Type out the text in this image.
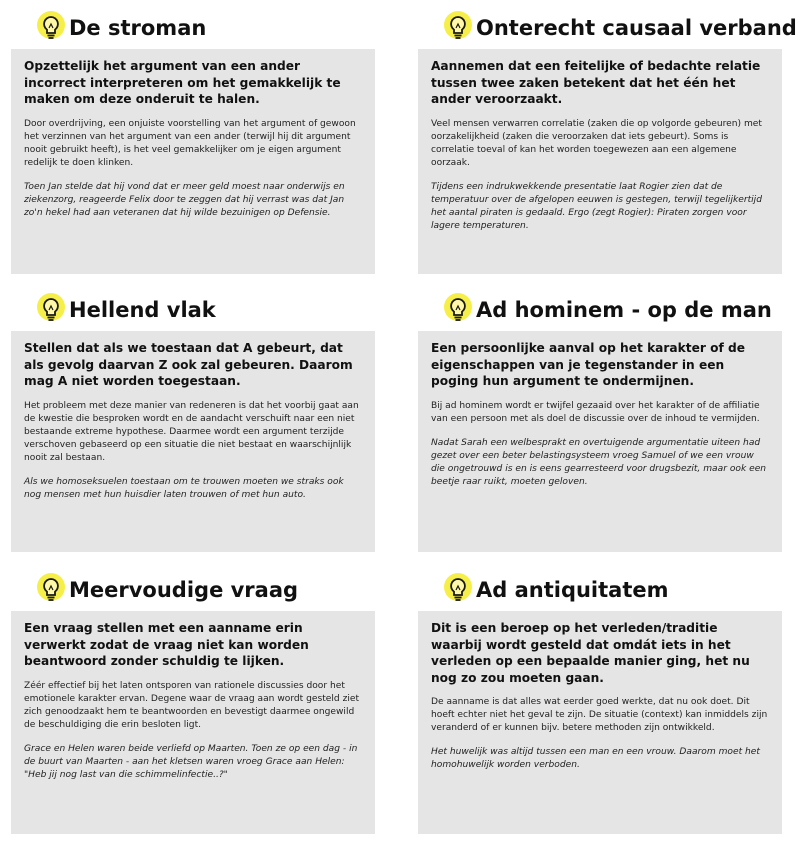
De stroman

Opzettelijk het argument van een ander incorrect interpreteren om het gemakkelijk te maken om deze onderuit te halen.

Door overdrijving, een onjuiste voorstelling van het argument of gewoon het verzinnen van het argument van een ander (terwijl hij dit argument nooit gebruikt heeft), is het veel gemakkelijker om je eigen argument redelijk te doen klinken.

Toen Jan stelde dat hij vond dat er meer geld moest naar onderwijs en ziekenzorg, reageerde Felix door te zeggen dat hij verrast was dat Jan zo'n hekel had aan veteranen dat hij wilde bezuinigen op Defensie.

Onterecht causaal verband

Aannemen dat een feitelijke of bedachte relatie tussen twee zaken betekent dat het één het ander veroorzaakt.

Veel mensen verwarren correlatie (zaken die op volgorde gebeuren) met oorzakelijkheid (zaken die veroorzaken dat iets gebeurt). Soms is correlatie toeval of kan het worden toegewezen aan een algemene oorzaak.

Tijdens een indrukwekkende presentatie laat Rogier zien dat de temperatuur over de afgelopen eeuwen is gestegen, terwijl tegelijkertijd het aantal piraten is gedaald. Ergo (zegt Rogier): Piraten zorgen voor lagere temperaturen.

Hellend vlak

Stellen dat als we toestaan dat A gebeurt, dat als gevolg daarvan Z ook zal gebeuren. Daarom mag A niet worden toegestaan.

Het probleem met deze manier van redeneren is dat het voorbij gaat aan de kwestie die besproken wordt en de aandacht verschuift naar een niet bestaande extreme hypothese. Daarmee wordt een argument terzijde verschoven gebaseerd op een situatie die niet bestaat en waarschijnlijk nooit zal bestaan.

Als we homoseksuelen toestaan om te trouwen moeten we straks ook nog mensen met hun huisdier laten trouwen of met hun auto.

Ad hominem - op de man

Een persoonlijke aanval op het karakter of de eigenschappen van je tegenstander in een poging hun argument te ondermijnen.

Bij ad hominem wordt er twijfel gezaaid over het karakter of de affiliatie van een persoon met als doel de discussie over de inhoud te vermijden.

Nadat Sarah een welbesprakt en overtuigende argumentatie uiteen had gezet over een beter belastingsysteem vroeg Samuel of we een vrouw die ongetrouwd is en is eens gearresteerd voor drugsbezit, maar ook een beetje raar ruikt, moeten geloven.

Meervoudige vraag

Een vraag stellen met een aanname erin verwerkt zodat de vraag niet kan worden beantwoord zonder schuldig te lijken.

Zéér effectief bij het laten ontsporen van rationele discussies door het emotionele karakter ervan. Degene waar de vraag aan wordt gesteld ziet zich genoodzaakt hem te beantwoorden en bevestigt daarmee ongewild de beschuldiging die erin besloten ligt.

Grace en Helen waren beide verliefd op Maarten. Toen ze op een dag - in de buurt van Maarten - aan het kletsen waren vroeg Grace aan Helen: "Heb jij nog last van die schimmelinfectie..?"

Ad antiquitatem

Dit is een beroep op het verleden/traditie waarbij wordt gesteld dat omdát iets in het verleden op een bepaalde manier ging, het nu nog zo zou moeten gaan.

De aanname is dat alles wat eerder goed werkte, dat nu ook doet. Dit hoeft echter niet het geval te zijn. De situatie (context) kan inmiddels zijn veranderd of er kunnen bijv. betere methoden zijn ontwikkeld.

Het huwelijk was altijd tussen een man en een vrouw. Daarom moet het homohuwelijk worden verboden.
